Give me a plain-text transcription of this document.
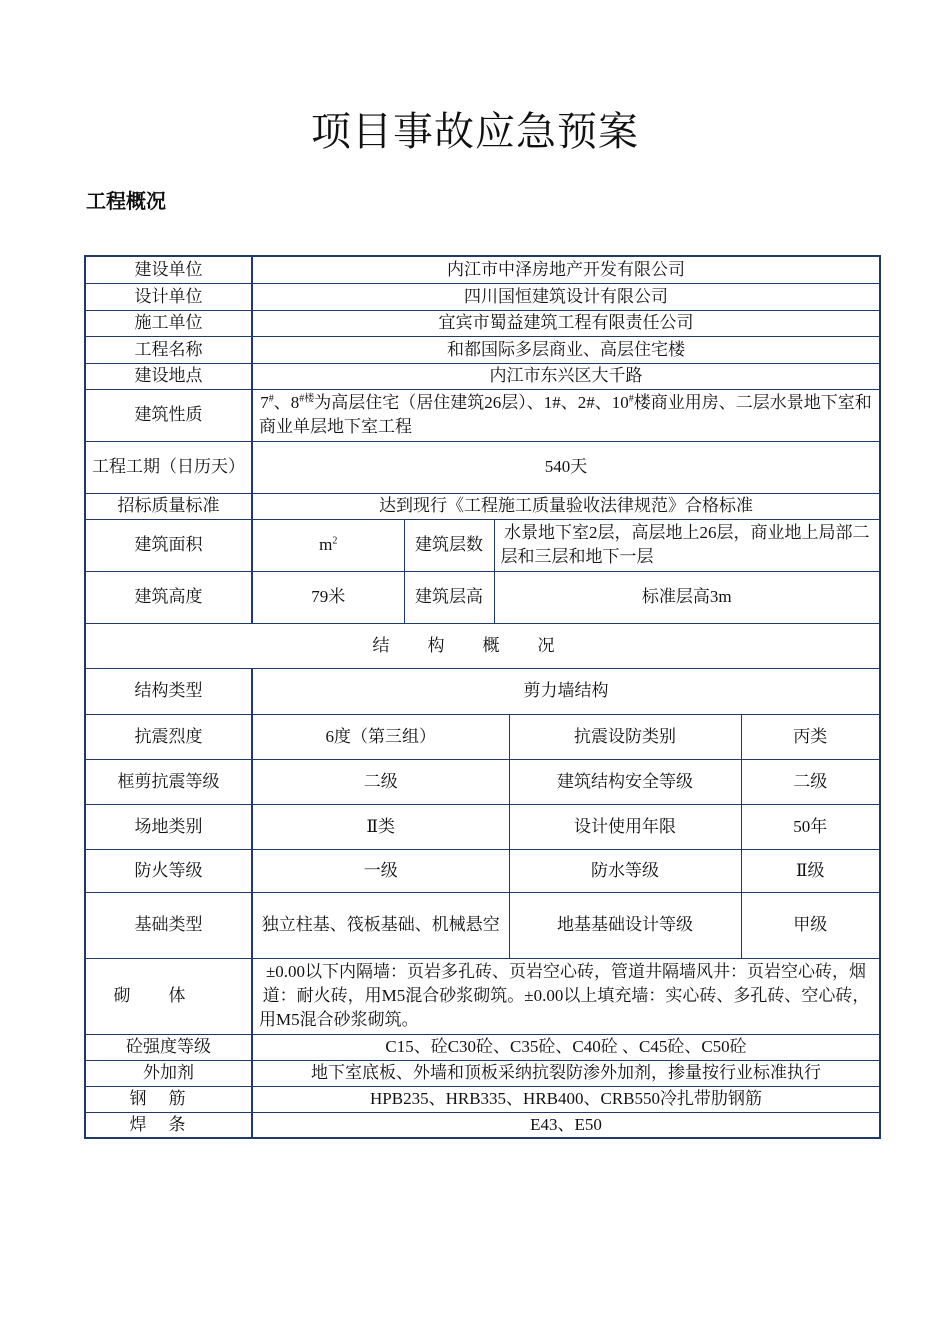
项目事故应急预案
工程概况
建设单位	内江市中泽房地产开发有限公司				
设计单位	四川国恒建筑设计有限公司				
施工单位	宜宾市蜀益建筑工程有限责任公司				
工程名称	和都国际多层商业、高层住宅楼				
建设地点	内江市东兴区大千路				
建筑性质	7#、$8^{\#楼}$为高层住宅（居住建筑26层）、1#、2#、10#楼商业用房、二层水景地下室和商业单层地下室工程				
工程工期（日历天）	540天				
招标质量标准	达到现行《工程施工质量验收法律规范》合格标准				
建筑面积	$m^2$	建筑层数	水景地下室2层，高层地上26层，商业地上局部二层和三层和地下一层		
建筑高度	79米	建筑层高	标准层高3m		
结构概况					
结构类型	剪力墙结构				
抗震烈度	6度（第三组）			抗震设防类别	丙类
框剪抗震等级	二级			建筑结构安全等级	二级
场地类别	Ⅱ类			设计使用年限	50年
防火等级	一级			防水等级	Ⅱ级
基础类型	独立柱基、筏板基础、机械悬空			地基基础设计等级	甲级
砌体	±0.00以下内隔墙：页岩多孔砖、页岩空心砖，管道井隔墙风井：页岩空心砖，烟道：耐火砖，用M5混合砂浆砌筑。±0.00以上填充墙：实心砖、多孔砖、空心砖，用M5混合砂浆砌筑。				
砼强度等级	C15、砼C30砼、C35砼、C40砼 、C45砼、C50砼				
外加剂	地下室底板、外墙和顶板采纳抗裂防渗外加剂，掺量按行业标准执行				
钢筋	HPB235、HRB335、HRB400、CRB550冷扎带肋钢筋				
焊条	E43、E50				
